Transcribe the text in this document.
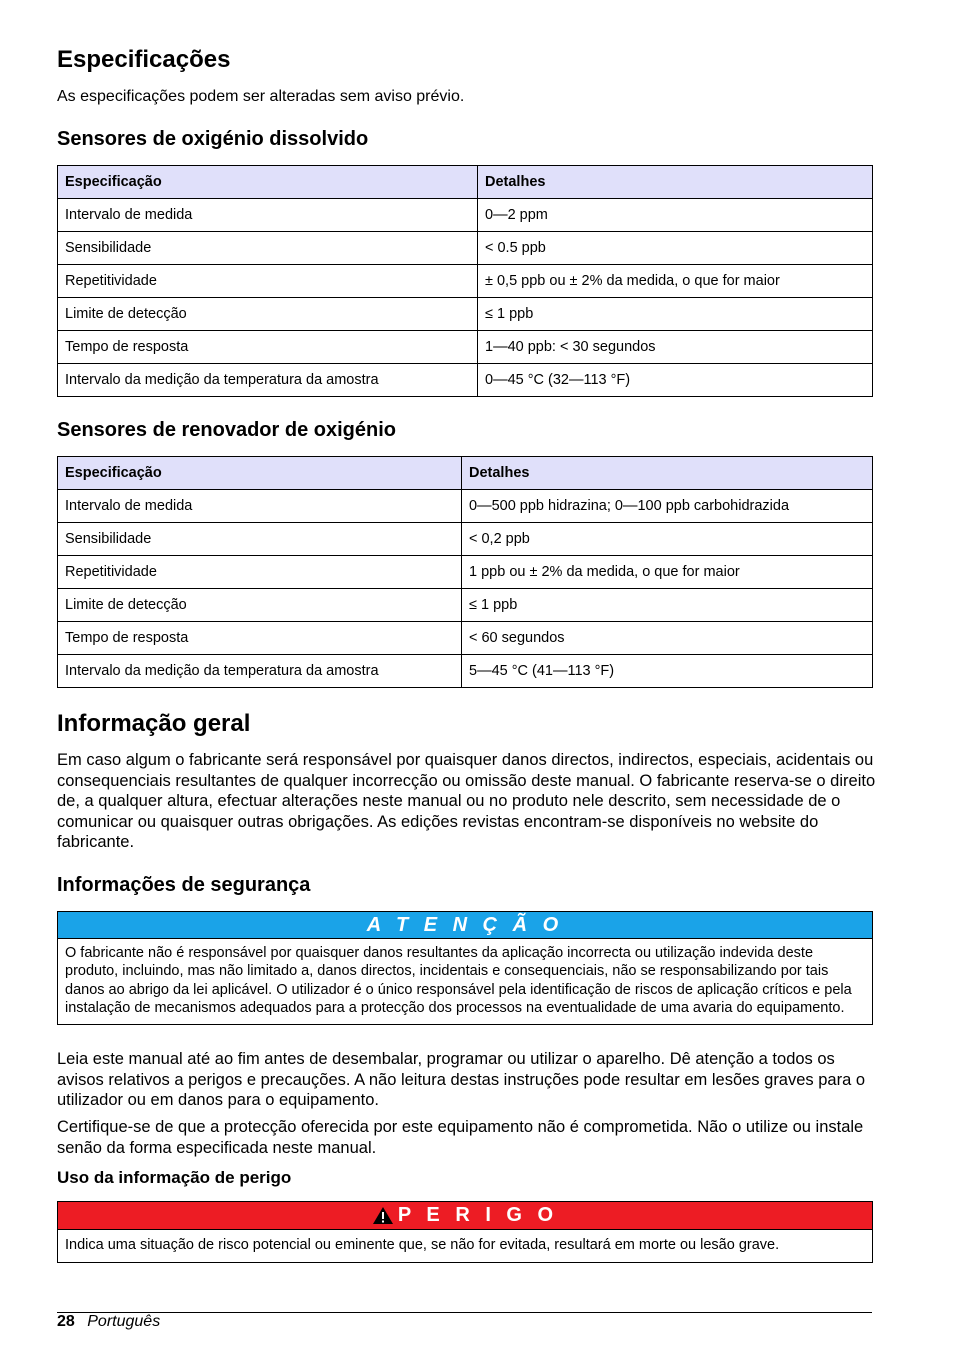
Especificações

As especificações podem ser alteradas sem aviso prévio.

Sensores de oxigénio dissolvido
Especificação	Detalhes
Intervalo de medida	0—2 ppm
Sensibilidade	< 0.5 ppb
Repetitividade	± 0,5 ppb ou ± 2% da medida, o que for maior
Limite de detecção	≤ 1 ppb
Tempo de resposta	1—40 ppb: < 30 segundos
Intervalo da medição da temperatura da amostra	0—45 °C (32—113 °F)
Sensores de renovador de oxigénio
Especificação	Detalhes
Intervalo de medida	0—500 ppb hidrazina; 0—100 ppb carbohidrazida
Sensibilidade	< 0,2 ppb
Repetitividade	1 ppb ou ± 2% da medida, o que for maior
Limite de detecção	≤ 1 ppb
Tempo de resposta	< 60 segundos
Intervalo da medição da temperatura da amostra	5—45 °C (41—113 °F)
Informação geral

Em caso algum o fabricante será responsável por quaisquer danos directos, indirectos, especiais, acidentais ou consequenciais resultantes de qualquer incorrecção ou omissão deste manual. O fabricante reserva-se o direito de, a qualquer altura, efectuar alterações neste manual ou no produto nele descrito, sem necessidade de o comunicar ou quaisquer outras obrigações. As edições revistas encontram-se disponíveis no website do fabricante.

Informações de segurança
A T E N Ç Ã O
O fabricante não é responsável por quaisquer danos resultantes da aplicação incorrecta ou utilização indevida deste produto, incluindo, mas não limitado a, danos directos, incidentais e consequenciais, não se responsabilizando por tais danos ao abrigo da lei aplicável. O utilizador é o único responsável pela identificação de riscos de aplicação críticos e pela instalação de mecanismos adequados para a protecção dos processos na eventualidade de uma avaria do equipamento.

Leia este manual até ao fim antes de desembalar, programar ou utilizar o aparelho. Dê atenção a todos os avisos relativos a perigos e precauções. A não leitura destas instruções pode resultar em lesões graves para o utilizador ou em danos para o equipamento.

Certifique-se de que a protecção oferecida por este equipamento não é comprometida. Não o utilize ou instale senão da forma especificada neste manual.

Uso da informação de perigo
P E R I G O
Indica uma situação de risco potencial ou eminente que, se não for evitada, resultará em morte ou lesão grave.
28 Português
